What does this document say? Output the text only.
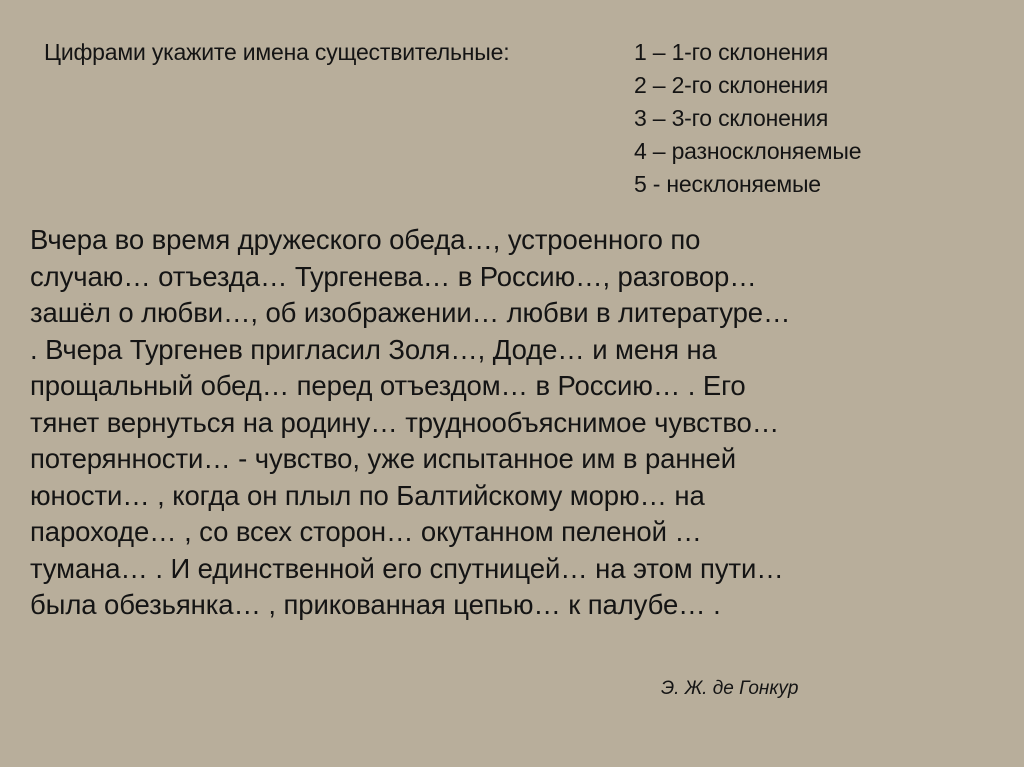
Цифрами укажите имена существительные:	1 – 1-го склонения
2 – 2-го склонения
3 – 3-го склонения
4 – разносклоняемые
5 - несклоняемые

Вчера во время дружеского обеда…, устроенного по
случаю… отъезда… Тургенева… в Россию…, разговор…
зашёл о любви…, об изображении… любви в литературе…
. Вчера Тургенев пригласил Золя…, Доде… и меня на
прощальный обед… перед отъездом… в Россию… . Его
тянет вернуться на родину… труднообъяснимое чувство…
потерянности… - чувство, уже испытанное им в ранней
юности… , когда он плыл по Балтийскому морю… на
пароходе… , со всех сторон… окутанном пеленой …
тумана… . И единственной его спутницей… на этом пути…
была обезьянка… , прикованная цепью… к палубе… .

Э. Ж. де Гонкур
